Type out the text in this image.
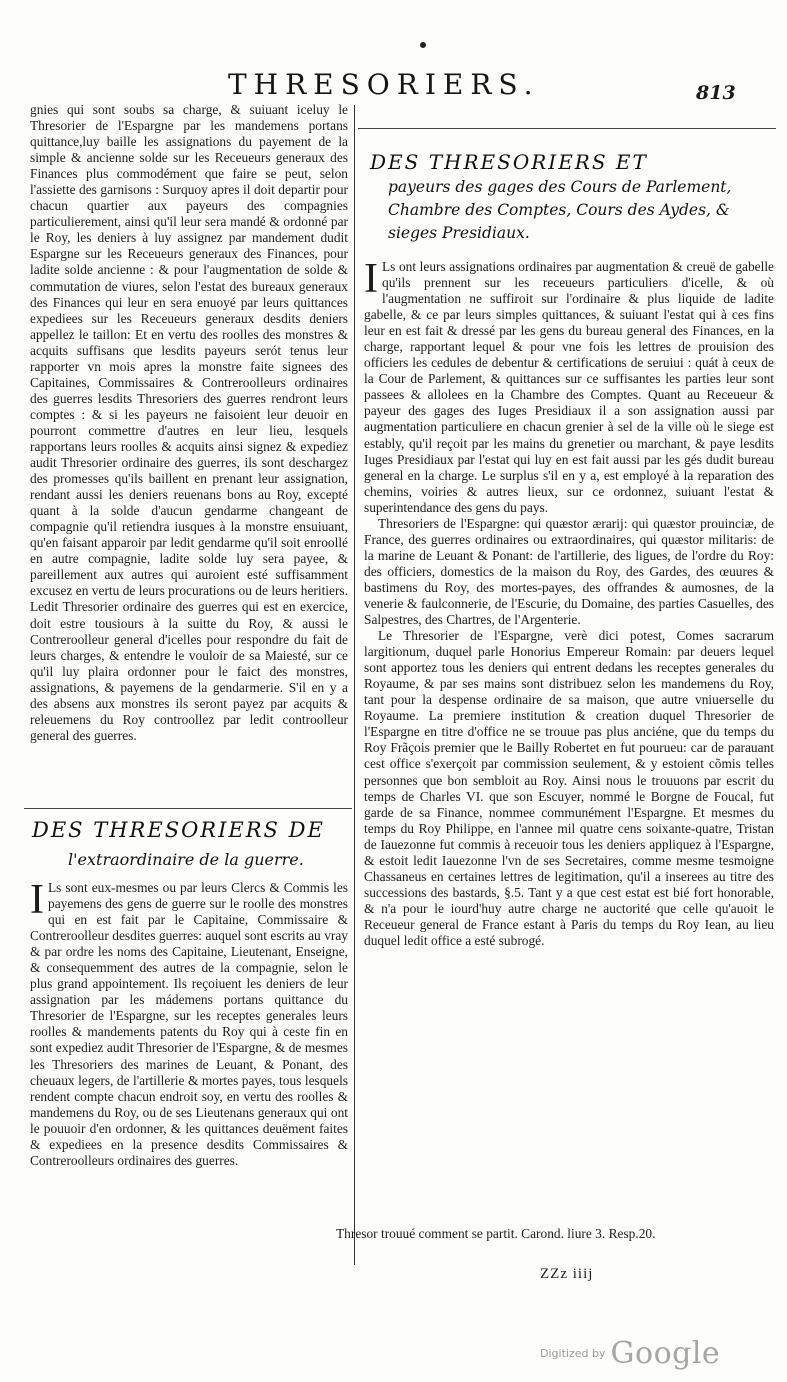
THRESORIERS.	813

gnies qui sont soubs sa charge, & suiuant iceluy le Thresorier de l'Espargne par les mandemens portans quittance,luy baille les assignations du payement de la simple & ancienne solde sur les Receueurs generaux des Finances plus commodément que faire se peut, selon l'assiette des garnisons : Surquoy apres il doit departir pour chacun quartier aux payeurs des compagnies particulierement, ainsi qu'il leur sera mandé & ordonné par le Roy, les deniers à luy assignez par mandement dudit Espargne sur les Receueurs generaux des Finances, pour ladite solde ancienne : & pour l'augmentation de solde & commutation de viures, selon l'estat des bureaux generaux des Finances qui leur en sera enuoyé par leurs quittances expediees sur les Receueurs generaux desdits deniers appellez le taillon: Et en vertu des roolles des monstres & acquits suffisans que lesdits payeurs serót tenus leur rapporter vn mois apres la monstre faite signees des Capitaines, Commissaires & Contreroolleurs ordinaires des guerres lesdits Thresoriers des guerres rendront leurs comptes : & si les payeurs ne faisoient leur deuoir en pourront commettre d'autres en leur lieu, lesquels rapportans leurs roolles & acquits ainsi signez & expediez audit Thresorier ordinaire des guerres, ils sont deschargez des promesses qu'ils baillent en prenant leur assignation, rendant aussi les deniers reuenans bons au Roy, excepté quant à la solde d'aucun gendarme changeant de compagnie qu'il retiendra iusques à la monstre ensuiuant, qu'en faisant apparoir par ledit gendarme qu'il soit enroollé en autre compagnie, ladite solde luy sera payee, & pareillement aux autres qui auroient esté suffisamment excusez en vertu de leurs procurations ou de leurs heritiers. Ledit Thresorier ordinaire des guerres qui est en exercice, doit estre tousiours à la suitte du Roy, & aussi le Contreroolleur general d'icelles pour respondre du fait de leurs charges, & entendre le vouloir de sa Maiesté, sur ce qu'il luy plaira ordonner pour le faict des monstres, assignations, & payemens de la gendarmerie. S'il en y a des absens aux monstres ils seront payez par acquits & releuemens du Roy controollez par ledit controolleur general des guerres.

DES THRESORIERS DE
l'extraordinaire de la guerre.

I Ls sont eux-mesmes ou par leurs Clercs & Commis les payemens des gens de guerre sur le roolle des monstres qui en est fait par le Capitaine, Commissaire & Contreroolleur desdites guerres: auquel sont escrits au vray & par ordre les noms des Capitaine, Lieutenant, Enseigne, & consequemment des autres de la compagnie, selon le plus grand appointement. Ils reçoiuent les deniers de leur assignation par les mádemens portans quittance du Thresorier de l'Espargne, sur les receptes generales leurs roolles & mandements patents du Roy qui à ceste fin en sont expediez audit Thresorier de l'Espargne, & de mesmes les Thresoriers des marines de Leuant, & Ponant, des cheuaux legers, de l'artillerie & mortes payes, tous lesquels rendent compte chacun endroit soy, en vertu des roolles & mandemens du Roy, ou de ses Lieutenans generaux qui ont le pouuoir d'en ordonner, & les quittances deuëment faites & expediees en la presence desdits Commissaires & Contreroolleurs ordinaires des guerres.

DES THRESORIERS ET
payeurs des gages des Cours de Parlement, Chambre des Comptes, Cours des Aydes, & sieges Presidiaux.

I Ls ont leurs assignations ordinaires par augmentation & creuë de gabelle qu'ils prennent sur les receueurs particuliers d'icelle, & où l'augmentation ne suffiroit sur l'ordinaire & plus liquide de ladite gabelle, & ce par leurs simples quittances, & suiuant l'estat qui à ces fins leur en est fait & dressé par les gens du bureau general des Finances, en la charge, rapportant lequel & pour vne fois les lettres de prouision des officiers les cedules de debentur & certifications de seruiui : quát à ceux de la Cour de Parlement, & quittances sur ce suffisantes les parties leur sont passees & allolees en la Chambre des Comptes. Quant au Receueur & payeur des gages des Iuges Presidiaux il a son assignation aussi par augmentation particuliere en chacun grenier à sel de la ville où le siege est estably, qu'il reçoit par les mains du grenetier ou marchant, & paye lesdits Iuges Presidiaux par l'estat qui luy en est fait aussi par les gés dudit bureau general en la charge. Le surplus s'il en y a, est employé à la reparation des chemins, voiries & autres lieux, sur ce ordonnez, suiuant l'estat & superintendance des gens du pays.

Thresoriers de l'Espargne: qui quæstor ærarij: qui quæstor prouinciæ, de France, des guerres ordinaires ou extraordinaires, qui quæstor militaris: de la marine de Leuant & Ponant: de l'artillerie, des ligues, de l'ordre du Roy: des officiers, domestics de la maison du Roy, des Gardes, des œuures & bastimens du Roy, des mortes-payes, des offrandes & aumosnes, de la venerie & faulconnerie, de l'Escurie, du Domaine, des parties Casuelles, des Salpestres, des Chartres, de l'Argenterie.

Le Thresorier de l'Espargne, verè dici potest, Comes sacrarum largitionum, duquel parle Honorius Empereur Romain: par deuers lequel sont apportez tous les deniers qui entrent dedans les receptes generales du Royaume, & par ses mains sont distribuez selon les mandemens du Roy, tant pour la despense ordinaire de sa maison, que autre vniuerselle du Royaume. La premiere institution & creation duquel Thresorier de l'Espargne en titre d'office ne se trouue pas plus anciéne, que du temps du Roy Frãçois premier que le Bailly Robertet en fut pourueu: car de parauant cest office s'exerçoit par commission seulement, & y estoient cõmis telles personnes que bon sembloit au Roy. Ainsi nous le trouuons par escrit du temps de Charles VI. que son Escuyer, nommé le Borgne de Foucal, fut garde de sa Finance, nommee communément l'Espargne. Et mesmes du temps du Roy Philippe, en l'annee mil quatre cens soixante-quatre, Tristan de Iauezonne fut commis à receuoir tous les deniers appliquez à l'Espargne, & estoit ledit Iauezonne l'vn de ses Secretaires, comme mesme tesmoigne Chassaneus en certaines lettres de legitimation, qu'il a inserees au titre des successions des bastards, §.5. Tant y a que cest estat est bié fort honorable, & n'a pour le iourd'huy autre charge ne auctorité que celle qu'auoit le Receueur general de France estant à Paris du temps du Roy Iean, au lieu duquel ledit office a esté subrogé.

Thresor trouué comment se partit. Carond. liure 3. Resp.20.
ZZz iiij
Digitized by Google
